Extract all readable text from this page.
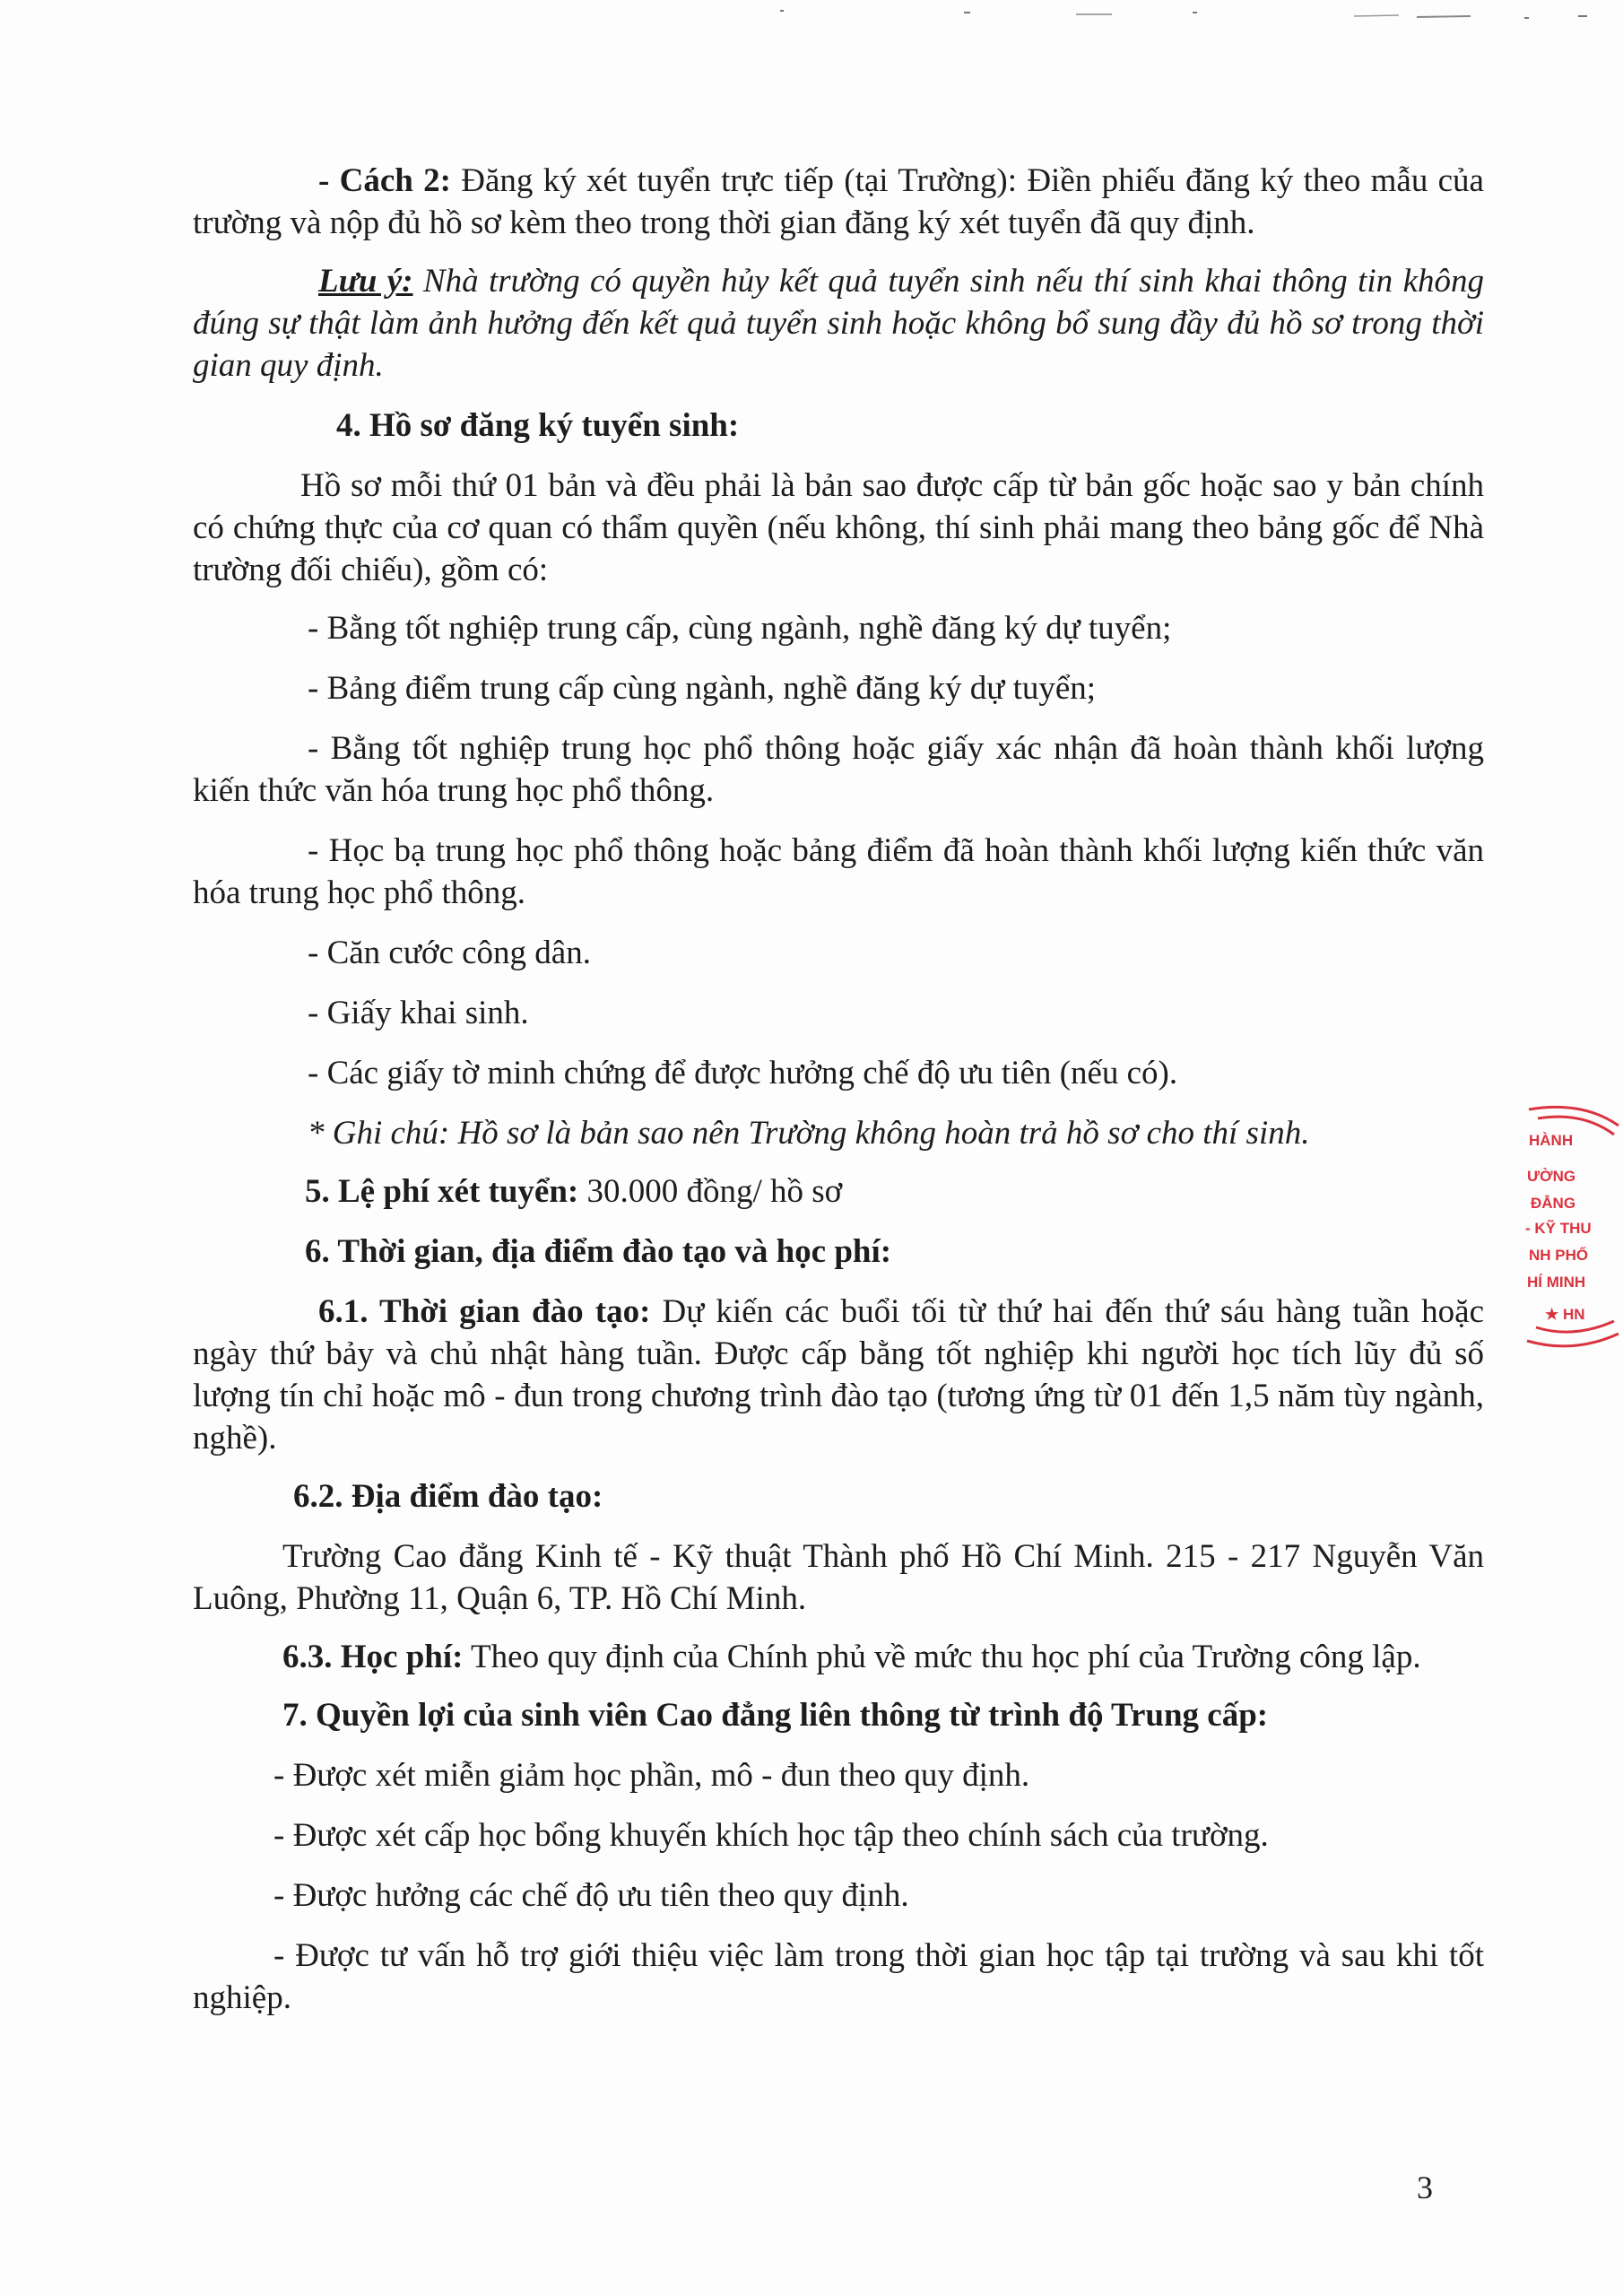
- Cách 2: Đăng ký xét tuyển trực tiếp (tại Trường): Điền phiếu đăng ký theo mẫu của trường và nộp đủ hồ sơ kèm theo trong thời gian đăng ký xét tuyển đã quy định.

Lưu ý: Nhà trường có quyền hủy kết quả tuyển sinh nếu thí sinh khai thông tin không đúng sự thật làm ảnh hưởng đến kết quả tuyển sinh hoặc không bổ sung đầy đủ hồ sơ trong thời gian quy định.

4. Hồ sơ đăng ký tuyển sinh:

Hồ sơ mỗi thứ 01 bản và đều phải là bản sao được cấp từ bản gốc hoặc sao y bản chính có chứng thực của cơ quan có thẩm quyền (nếu không, thí sinh phải mang theo bảng gốc để Nhà trường đối chiếu), gồm có:

- Bằng tốt nghiệp trung cấp, cùng ngành, nghề đăng ký dự tuyển;

- Bảng điểm trung cấp cùng ngành, nghề đăng ký dự tuyển;

- Bằng tốt nghiệp trung học phổ thông hoặc giấy xác nhận đã hoàn thành khối lượng kiến thức văn hóa trung học phổ thông.

- Học bạ trung học phổ thông hoặc bảng điểm đã hoàn thành khối lượng kiến thức văn hóa trung học phổ thông.

- Căn cước công dân.

- Giấy khai sinh.

- Các giấy tờ minh chứng để được hưởng chế độ ưu tiên (nếu có).

* Ghi chú: Hồ sơ là bản sao nên Trường không hoàn trả hồ sơ cho thí sinh.

5. Lệ phí xét tuyển: 30.000 đồng/ hồ sơ

6. Thời gian, địa điểm đào tạo và học phí:

6.1. Thời gian đào tạo: Dự kiến các buổi tối từ thứ hai đến thứ sáu hàng tuần hoặc ngày thứ bảy và chủ nhật hàng tuần. Được cấp bằng tốt nghiệp khi người học tích lũy đủ số lượng tín chỉ hoặc mô - đun trong chương trình đào tạo (tương ứng từ 01 đến 1,5 năm tùy ngành, nghề).

6.2. Địa điểm đào tạo:

Trường Cao đẳng Kinh tế - Kỹ thuật Thành phố Hồ Chí Minh. 215 - 217 Nguyễn Văn Luông, Phường 11, Quận 6, TP. Hồ Chí Minh.

6.3. Học phí: Theo quy định của Chính phủ về mức thu học phí của Trường công lập.

7. Quyền lợi của sinh viên Cao đẳng liên thông từ trình độ Trung cấp:

- Được xét miễn giảm học phần, mô - đun theo quy định.

- Được xét cấp học bổng khuyến khích học tập theo chính sách của trường.

- Được hưởng các chế độ ưu tiên theo quy định.

- Được tư vấn hỗ trợ giới thiệu việc làm trong thời gian học tập tại trường và sau khi tốt nghiệp.

HÀNH
ƯỜNG
ĐẲNG
- KỸ THU
NH PHỐ
HÍ MINH
★ HN
3
